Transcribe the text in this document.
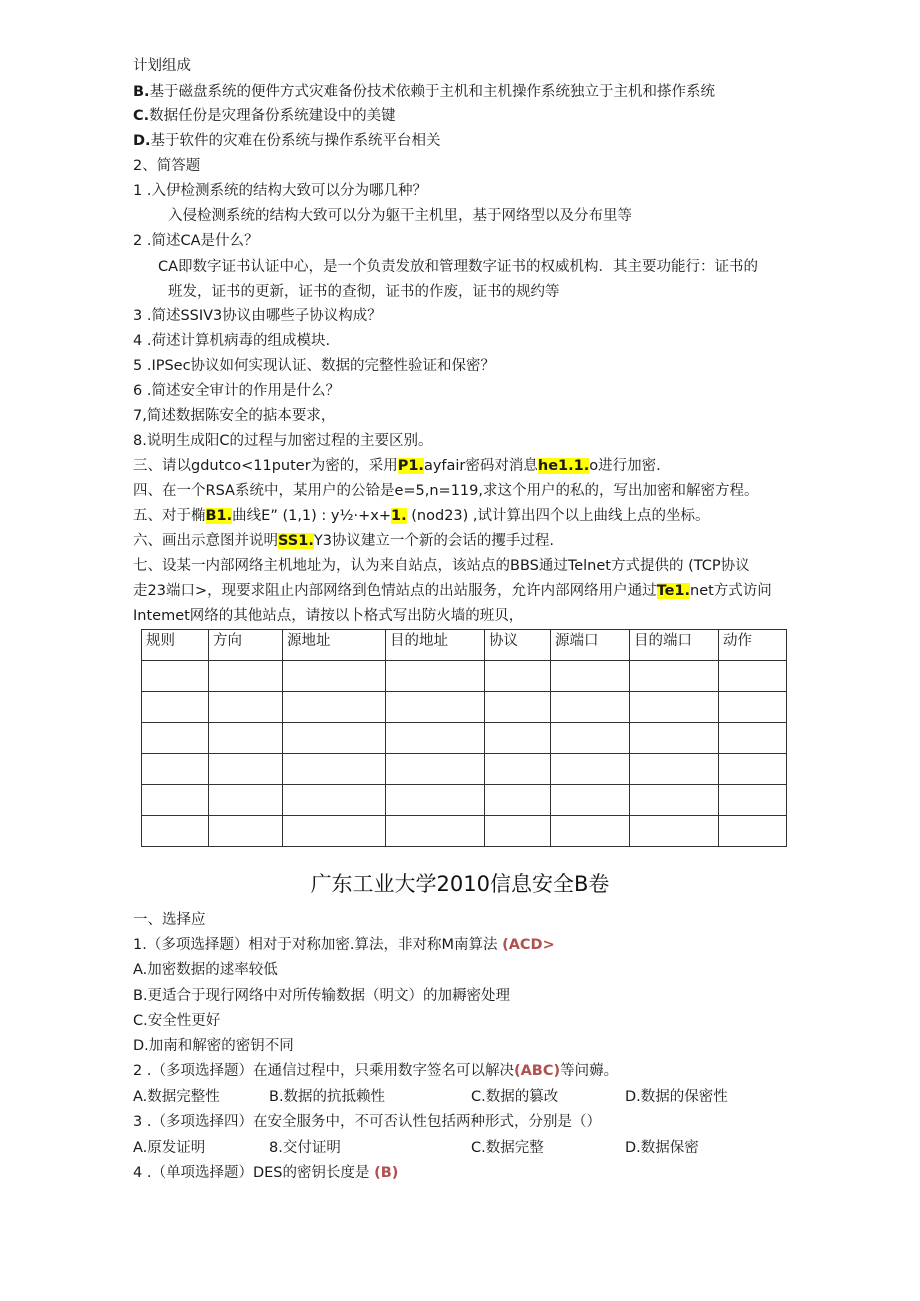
计划组成
B.基于磁盘系统的便件方式灾难备份技术依赖于主机和主机操作系统独立于主机和搽作系统
C.数据任份是灾理备份系统建设中的美键
D.基于软件的灾难在份系统与操作系统平台相关
2、简答题
1 .入伊检测系统的结构大致可以分为哪几种？
入侵检测系统的结构大致可以分为躯干主机里，基于网络型以及分布里等
2 .简述CA是什么？
CA即数字证书认证中心，是一个负责发放和管理数字证书的权威机构．其主要功能行：证书的
班发，证书的更新，证书的查彻，证书的作废，证书的规约等
3 .简述SSIV3协议由哪些子协议构成？
4 .荷述计算机病毒的组成模块.
5 .IPSec协议如何实现认证、数据的完整性验证和保密？
6 .简述安全审计的作用是什么？
7,简述数据陈安全的掂本要求，
8.说明生成阳C的过程与加密过程的主要区别。
三、请以gdutco<11puter为密的，采用P1.ayfair密码对消息he1.1.o进行加密.
四、在一个RSA系统中，某用户的公铪是e=5,n=119,求这个用户的私的，写出加密和解密方程。
五、对于椭B1.曲线E” (1,1) : y½·+x+1. (nod23) ,试计算出四个以上曲线上点的坐标。
六、画出示意图并说明SS1.Y3协议建立一个新的会话的攫手过程.
七、设某一内部网络主机地址为，认为来自站点，该站点的BBS通过Telnet方式提供的 (TCP协议
走23端口>，现要求阻止内部网络到色情站点的出站服务，允许内部网络用户通过Te1.net方式访问
Intemet网络的其他站点，请按以卜格式写出防火墙的班贝，
规则	方向	源地址	目的地址	协议	源端口	目的端口	动作

广东工业大学2010信息安全B卷
一、选择应
1.（多项选择题）相对于对称加密.算法，非对称M南算法 (ACD>
A.加密数据的逑率较低
B.更适合于现行网络中对所传输数据（明文）的加耨密处理
C.安全性更好
D.加南和解密的密钥不同
2 .（多项选择题）在通信过程中，只乘用数字签名可以解决(ABC)等问薅。
A.数据完整性	B.数据的抗抵赖性	C.数据的篡改	D.数据的保密性
3 .（多项选择四）在安全服务中，不可否认性包括两种形式，分别是（）
A.原发证明	8.交付证明	C.数据完整	D.数据保密
4 .（单项选择题）DES的密钥长度是 (B)
